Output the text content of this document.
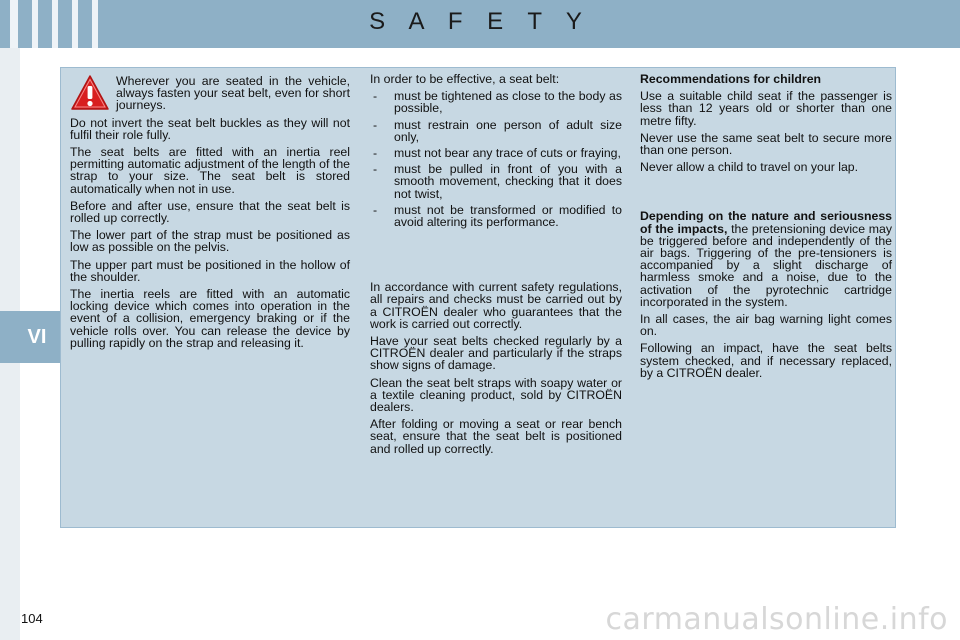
S A F E T Y
VI

Wherever you are seated in the vehicle, always fasten your seat belt, even for short journeys.

Do not invert the seat belt buckles as they will not fulfil their role fully.

The seat belts are fitted with an inertia reel permitting automatic adjustment of the length of the strap to your size. The seat belt is stored automatically when not in use.

Before and after use, ensure that the seat belt is rolled up correctly.

The lower part of the strap must be positioned as low as possible on the pelvis.

The upper part must be positioned in the hollow of the shoulder.

The inertia reels are fitted with an automatic locking device which comes into operation in the event of a collision, emergency braking or if the vehicle rolls over. You can release the device by pulling rapidly on the strap and releasing it.

In order to be effective, a seat belt:

- must be tightened as close to the body as possible,
- must restrain one person of adult size only,
- must not bear any trace of cuts or fraying,
- must be pulled in front of you with a smooth movement, checking that it does not twist,
- must not be transformed or modified to avoid altering its performance.

In accordance with current safety regulations, all repairs and checks must be carried out by a CITROËN dealer who guarantees that the work is carried out correctly.

Have your seat belts checked regularly by a CITROËN dealer and particularly if the straps show signs of damage.

Clean the seat belt straps with soapy water or a textile cleaning product, sold by CITROËN dealers.

After folding or moving a seat or rear bench seat, ensure that the seat belt is positioned and rolled up correctly.

Recommendations for children

Use a suitable child seat if the passenger is less than 12 years old or shorter than one metre fifty.

Never use the same seat belt to secure more than one person.

Never allow a child to travel on your lap.

Depending on the nature and seriousness of the impacts, the pretensioning device may be triggered before and independently of the air bags. Triggering of the pre-tensioners is accompanied by a slight discharge of harmless smoke and a noise, due to the activation of the pyrotechnic cartridge incorporated in the system.

In all cases, the air bag warning light comes on.

Following an impact, have the seat belts system checked, and if necessary replaced, by a CITROËN dealer.

104	carmanualsonline.info
